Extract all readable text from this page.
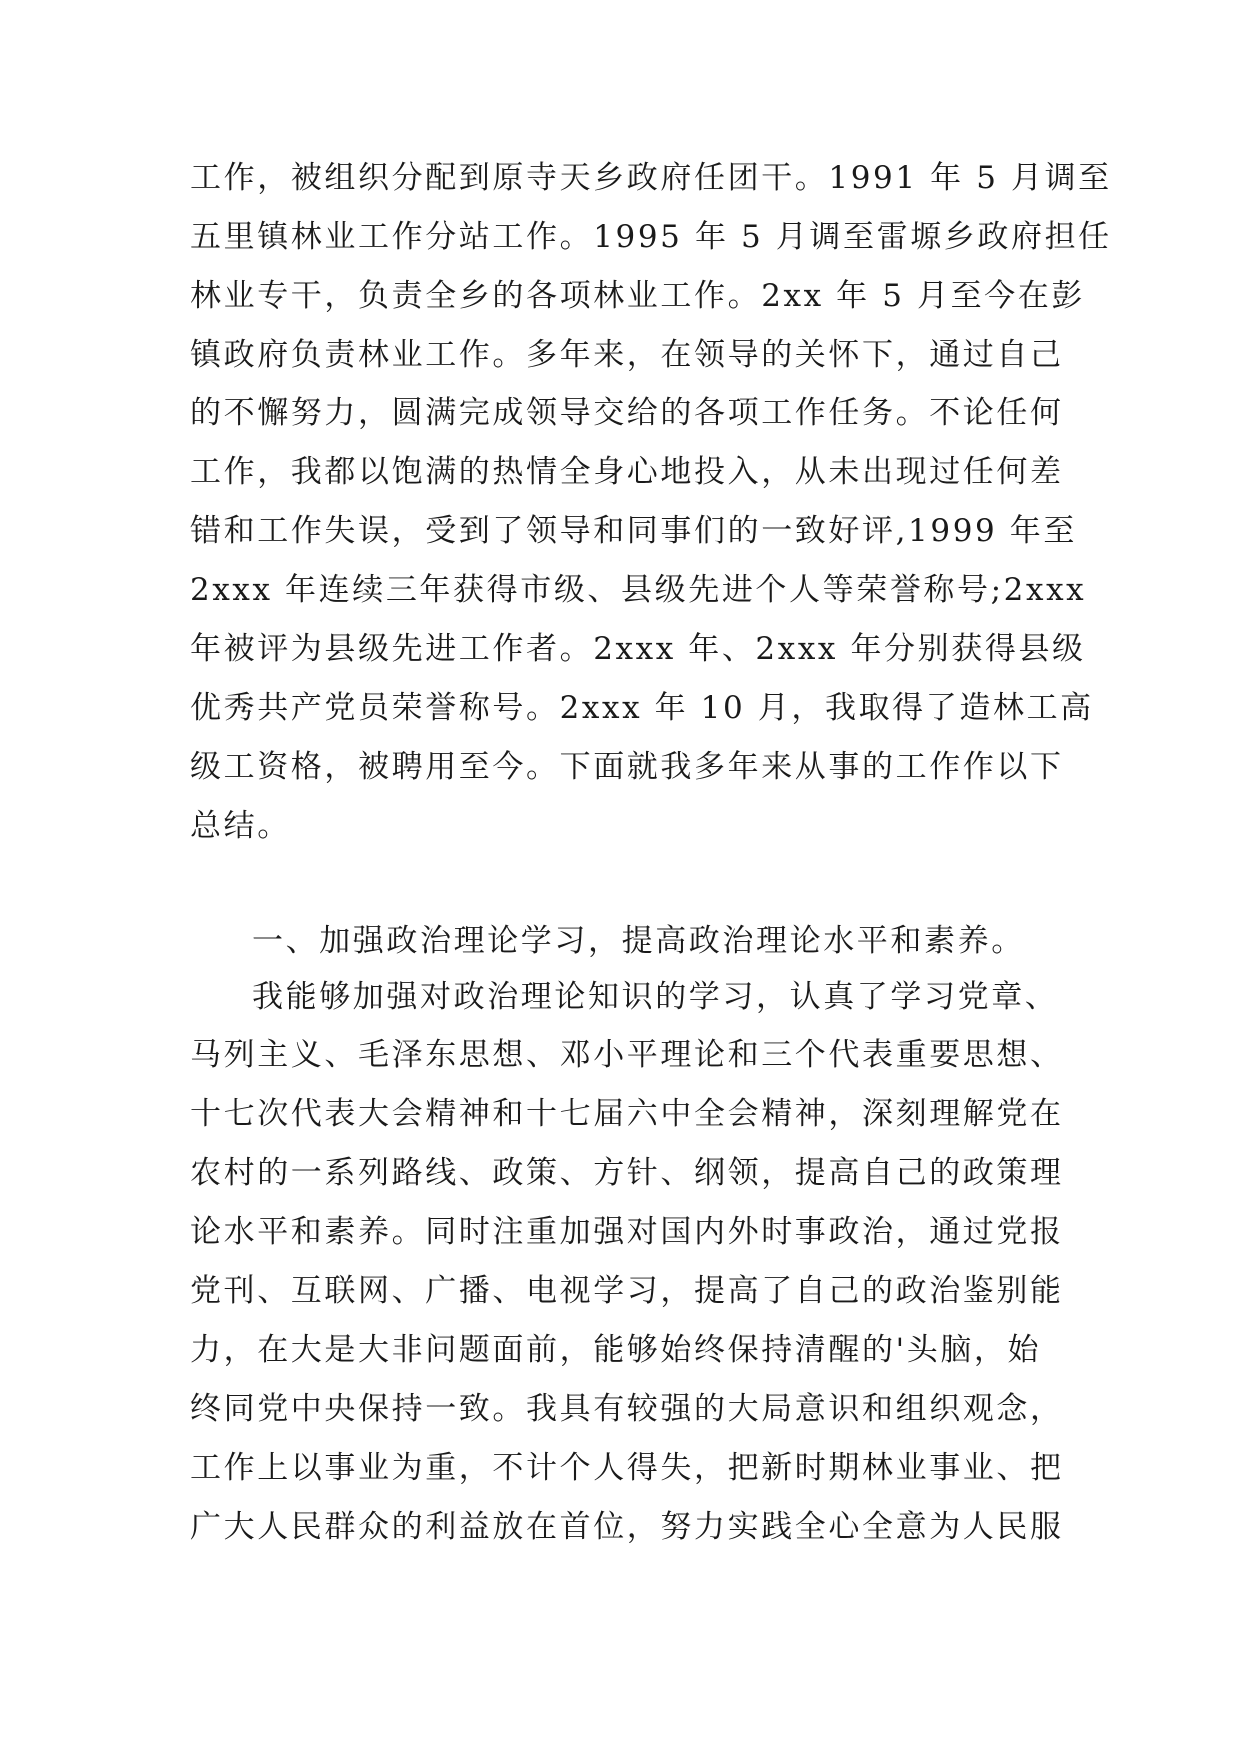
工作，被组织分配到原寺天乡政府任团干。1991 年 5 月调至
五里镇林业工作分站工作。1995 年 5 月调至雷塬乡政府担任
林业专干，负责全乡的各项林业工作。2xx 年 5 月至今在彭
镇政府负责林业工作。多年来，在领导的关怀下，通过自己
的不懈努力，圆满完成领导交给的各项工作任务。不论任何
工作，我都以饱满的热情全身心地投入，从未出现过任何差
错和工作失误，受到了领导和同事们的一致好评,1999 年至
2xxx 年连续三年获得市级、县级先进个人等荣誉称号;2xxx
年被评为县级先进工作者。2xxx 年、2xxx 年分别获得县级
优秀共产党员荣誉称号。2xxx 年 10 月，我取得了造林工高
级工资格，被聘用至今。下面就我多年来从事的工作作以下
总结。
一、加强政治理论学习，提高政治理论水平和素养。
我能够加强对政治理论知识的学习，认真了学习党章、
马列主义、毛泽东思想、邓小平理论和三个代表重要思想、
十七次代表大会精神和十七届六中全会精神，深刻理解党在
农村的一系列路线、政策、方针、纲领，提高自己的政策理
论水平和素养。同时注重加强对国内外时事政治，通过党报
党刊、互联网、广播、电视学习，提高了自己的政治鉴别能
力，在大是大非问题面前，能够始终保持清醒的'头脑，始
终同党中央保持一致。我具有较强的大局意识和组织观念，
工作上以事业为重，不计个人得失，把新时期林业事业、把
广大人民群众的利益放在首位，努力实践全心全意为人民服
